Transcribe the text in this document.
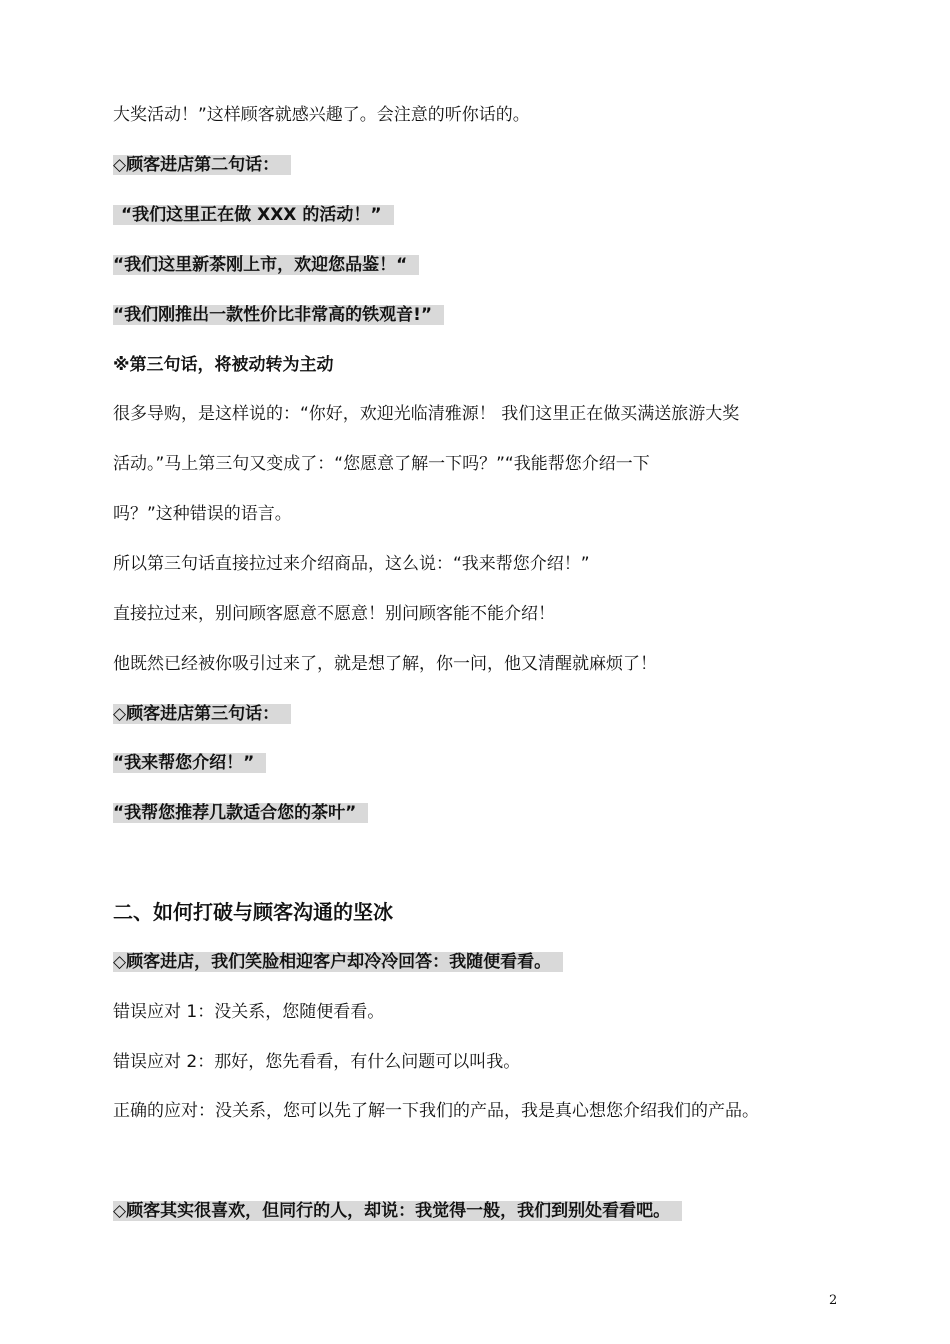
大奖活动！”这样顾客就感兴趣了。会注意的听你话的。
◇顾客进店第二句话：
“我们这里正在做 XXX 的活动！”
“我们这里新茶刚上市，欢迎您品鉴！“
“我们刚推出一款性价比非常高的铁观音!”
※第三句话，将被动转为主动
很多导购，是这样说的：“你好，欢迎光临清雅源！ 我们这里正在做买满送旅游大奖
活动。”马上第三句又变成了：“您愿意了解一下吗？”“我能帮您介绍一下
吗？”这种错误的语言。
所以第三句话直接拉过来介绍商品，这么说：“我来帮您介绍！”
直接拉过来，别问顾客愿意不愿意！别问顾客能不能介绍！
他既然已经被你吸引过来了，就是想了解，你一问，他又清醒就麻烦了！
◇顾客进店第三句话：
“我来帮您介绍！”
“我帮您推荐几款适合您的茶叶”
二、如何打破与顾客沟通的坚冰
◇顾客进店，我们笑脸相迎客户却冷冷回答：我随便看看。
错误应对 1：没关系，您随便看看。
错误应对 2：那好，您先看看，有什么问题可以叫我。
正确的应对：没关系，您可以先了解一下我们的产品，我是真心想您介绍我们的产品。
◇顾客其实很喜欢，但同行的人，却说：我觉得一般，我们到别处看看吧。
2
